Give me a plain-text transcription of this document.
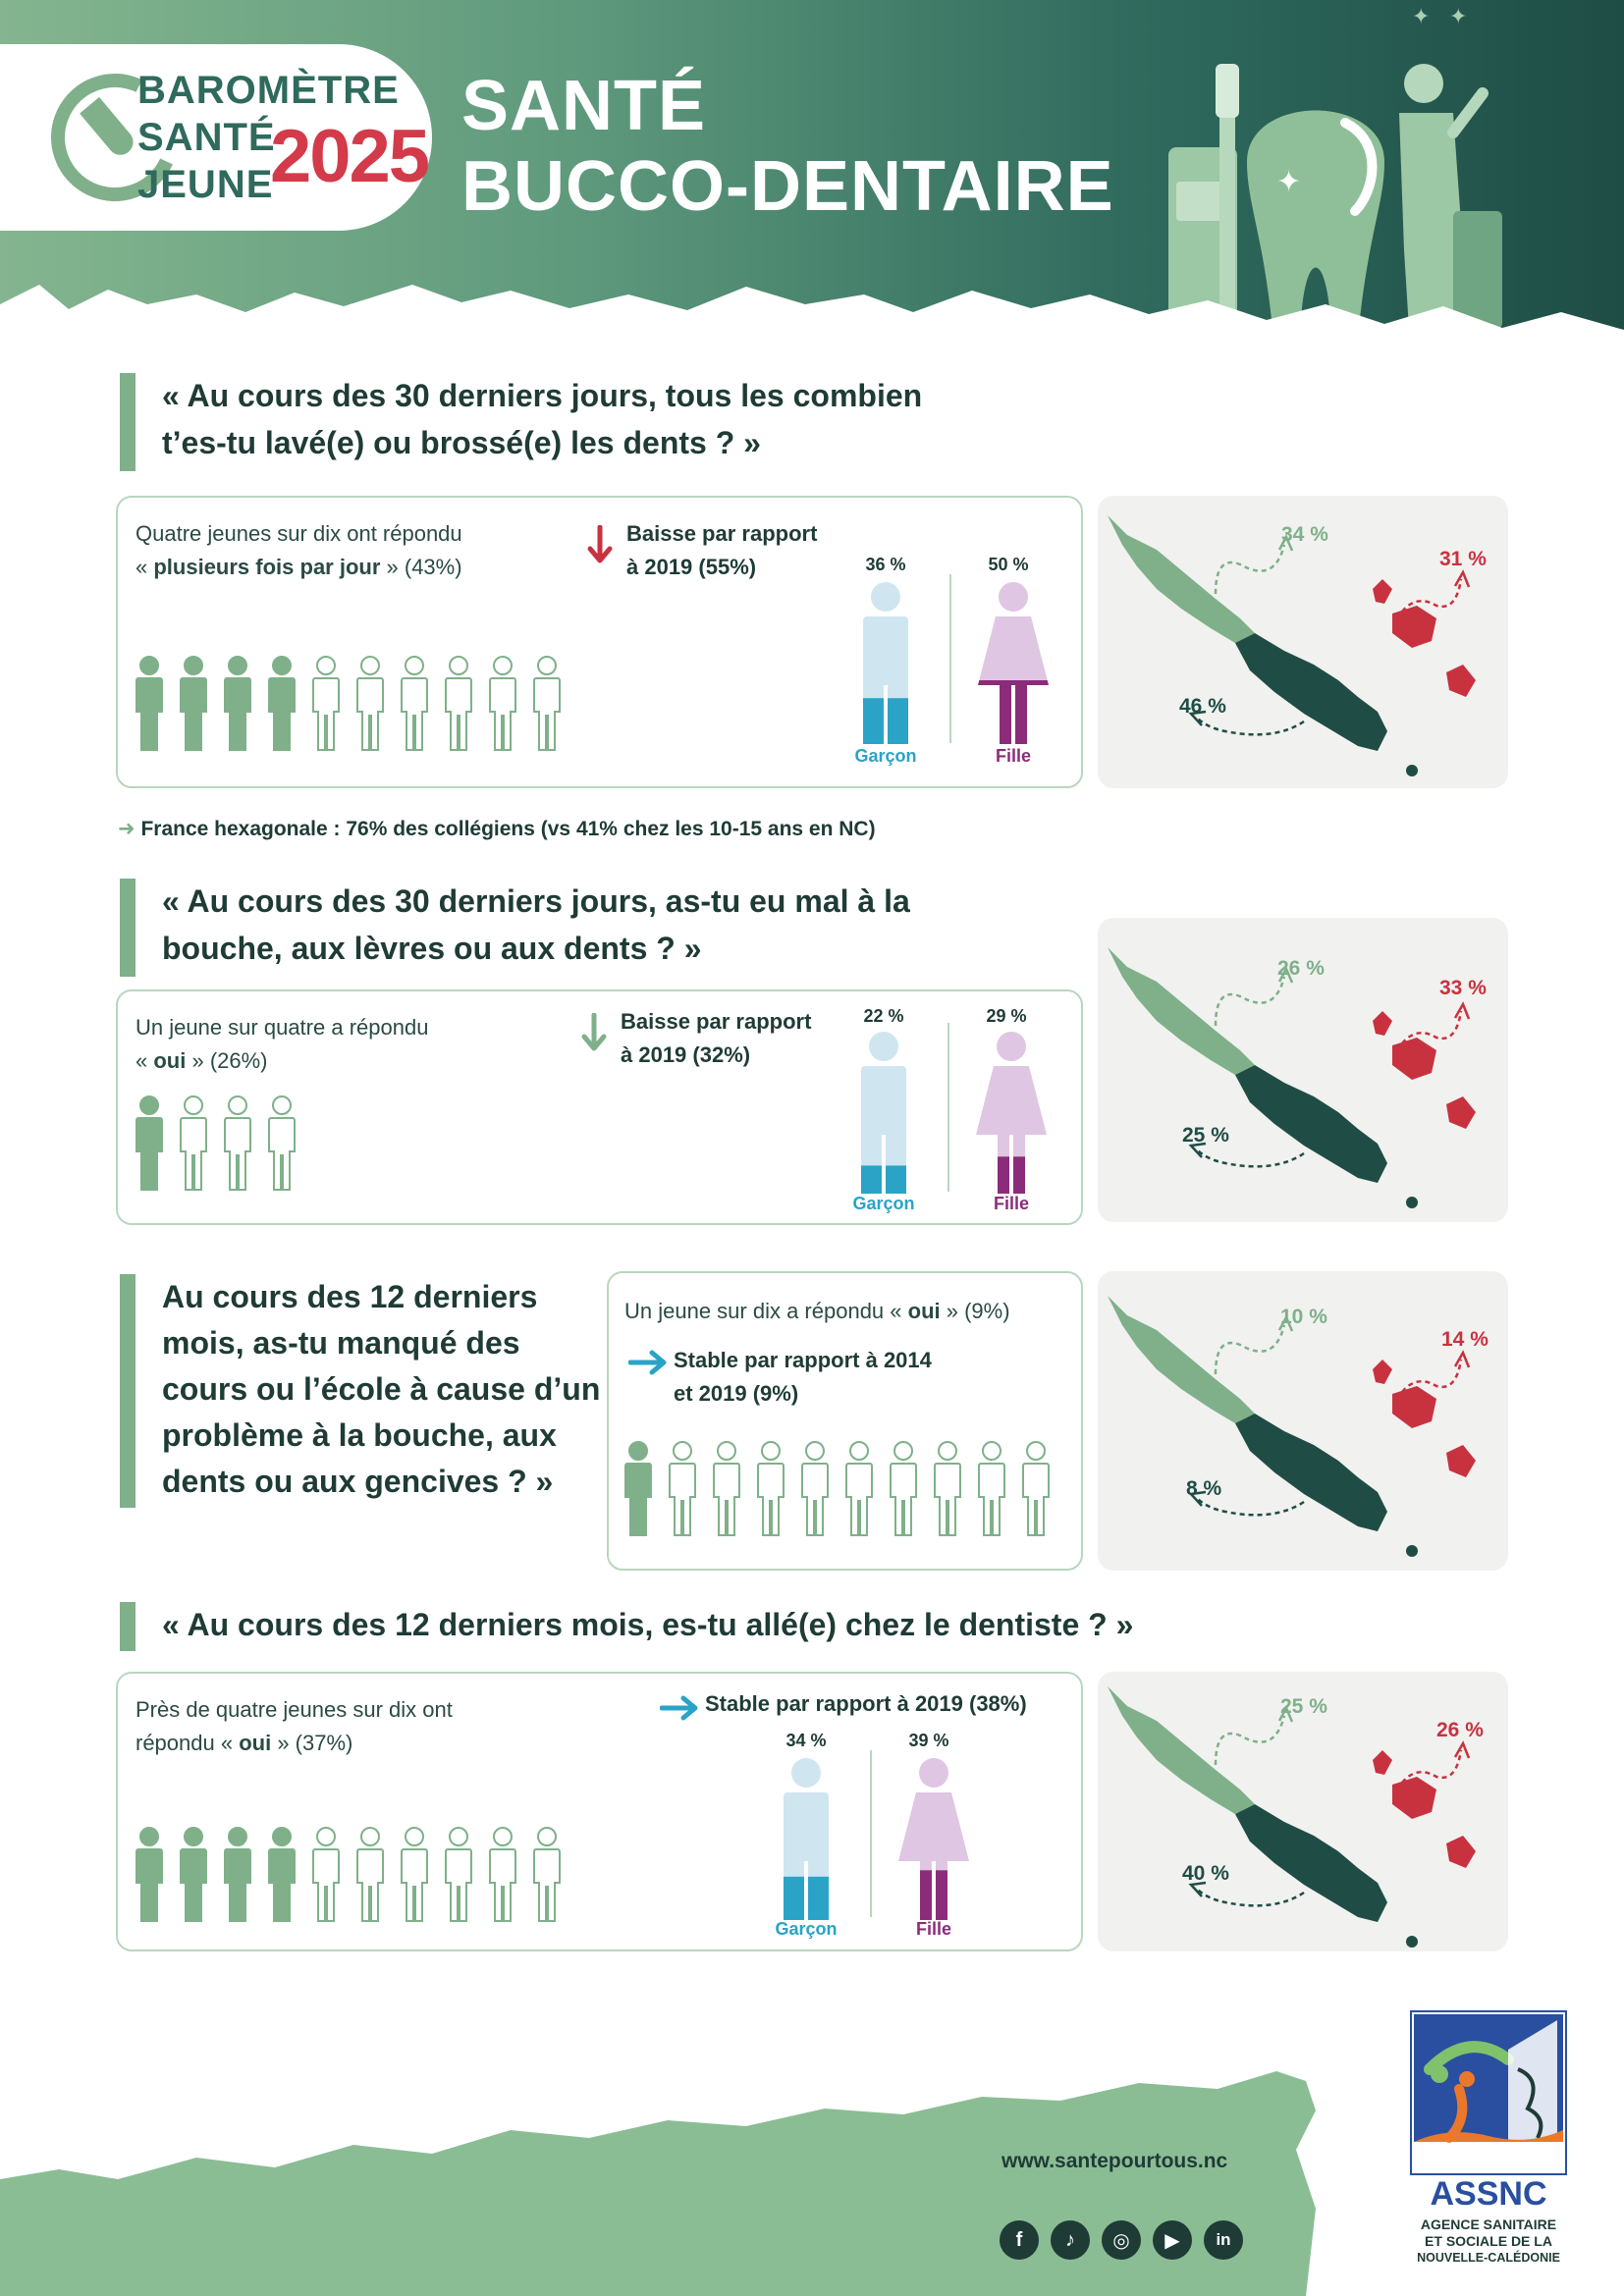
✦ ✦
✦
BAROMÈTRE
SANTÉ
JEUNE
2025
SANTÉ
BUCCO-DENTAIRE
« Au cours des 30 derniers jours, tous les combien
t’es-tu lavé(e) ou brossé(e) les dents ? »
Quatre jeunes sur dix ont répondu
« plusieurs fois par jour » (43%)
Baisse par rapport
à 2019 (55%)	36 %	50 %
Garçon	Fille
34 %
31 %
46 %
➜ France hexagonale : 76% des collégiens (vs 41% chez les 10-15 ans en NC)
« Au cours des 30 derniers jours, as-tu eu mal à la
bouche, aux lèvres ou aux dents ? »
Un jeune sur quatre a répondu
« oui » (26%)
Baisse par rapport
à 2019 (32%)
22 %	29 %
Garçon	Fille
26 %
33 %
25 %
Au cours des 12 derniers
mois, as-tu manqué des
cours ou l’école à cause d’un
problème à la bouche, aux
dents ou aux gencives ? »
Un jeune sur dix a répondu « oui » (9%)
Stable par rapport à 2014
et 2019 (9%)
10 %
14 %
8 %
« Au cours des 12 derniers mois, es-tu allé(e) chez le dentiste ? »
Près de quatre jeunes sur dix ont
répondu « oui » (37%)
Stable par rapport à 2019 (38%)
34 %	39 %
Garçon	Fille
25 %
26 %
40 %
www.santepourtous.nc
f	♪	◎	▶	in
ASSNC
AGENCE SANITAIRE
ET SOCIALE DE LA
NOUVELLE-CALÉDONIE
